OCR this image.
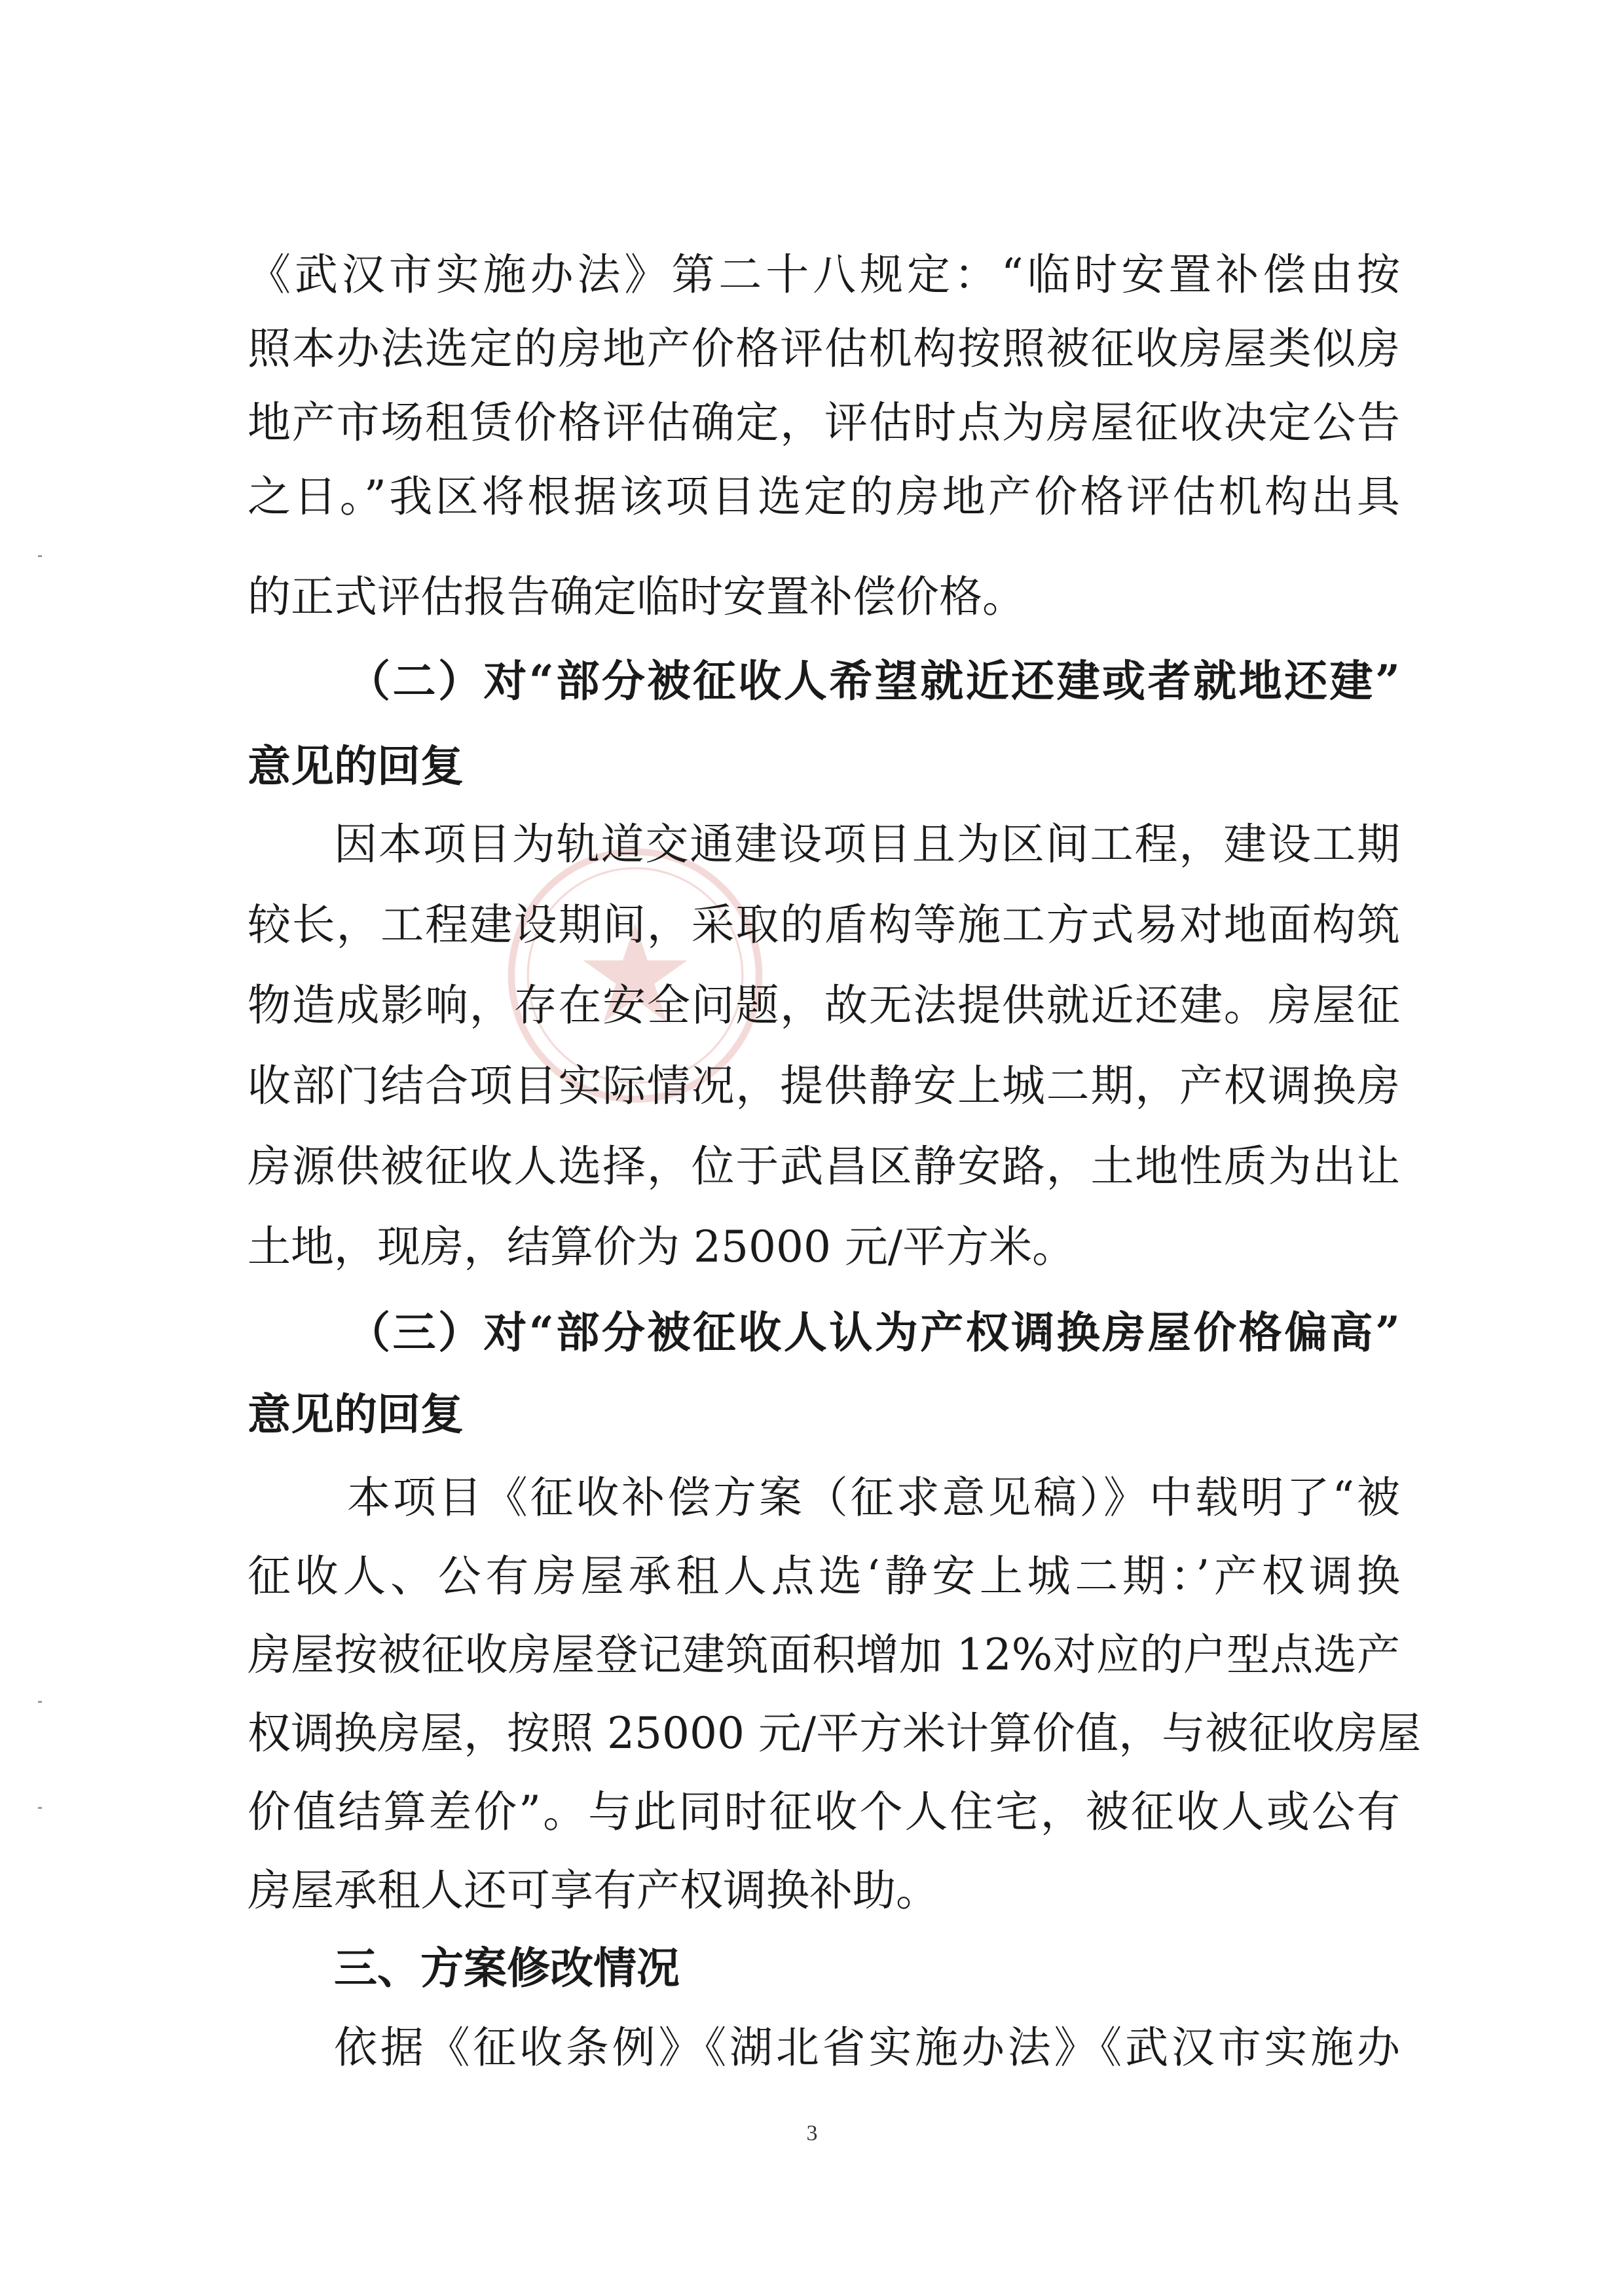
《武汉市实施办法》第二十八规定：“临时安置补偿由按
照本办法选定的房地产价格评估机构按照被征收房屋类似房
地产市场租赁价格评估确定，评估时点为房屋征收决定公告
之日。”我区将根据该项目选定的房地产价格评估机构出具
的正式评估报告确定临时安置补偿价格。
（二）对“部分被征收人希望就近还建或者就地还建”
意见的回复
因本项目为轨道交通建设项目且为区间工程，建设工期
较长，工程建设期间，采取的盾构等施工方式易对地面构筑
物造成影响，存在安全问题，故无法提供就近还建。房屋征
收部门结合项目实际情况，提供静安上城二期，产权调换房
房源供被征收人选择，位于武昌区静安路，土地性质为出让
土地，现房，结算价为 25000 元/平方米。
（三）对“部分被征收人认为产权调换房屋价格偏高”
意见的回复
本项目《征收补偿方案（征求意见稿）》中载明了“被
征收人、公有房屋承租人点选‘静安上城二期：’产权调换
房屋按被征收房屋登记建筑面积增加 12%对应的户型点选产
权调换房屋，按照 25000 元/平方米计算价值，与被征收房屋
价值结算差价”。与此同时征收个人住宅，被征收人或公有
房屋承租人还可享有产权调换补助。
三、方案修改情况
依据《征收条例》《湖北省实施办法》《武汉市实施办
3
